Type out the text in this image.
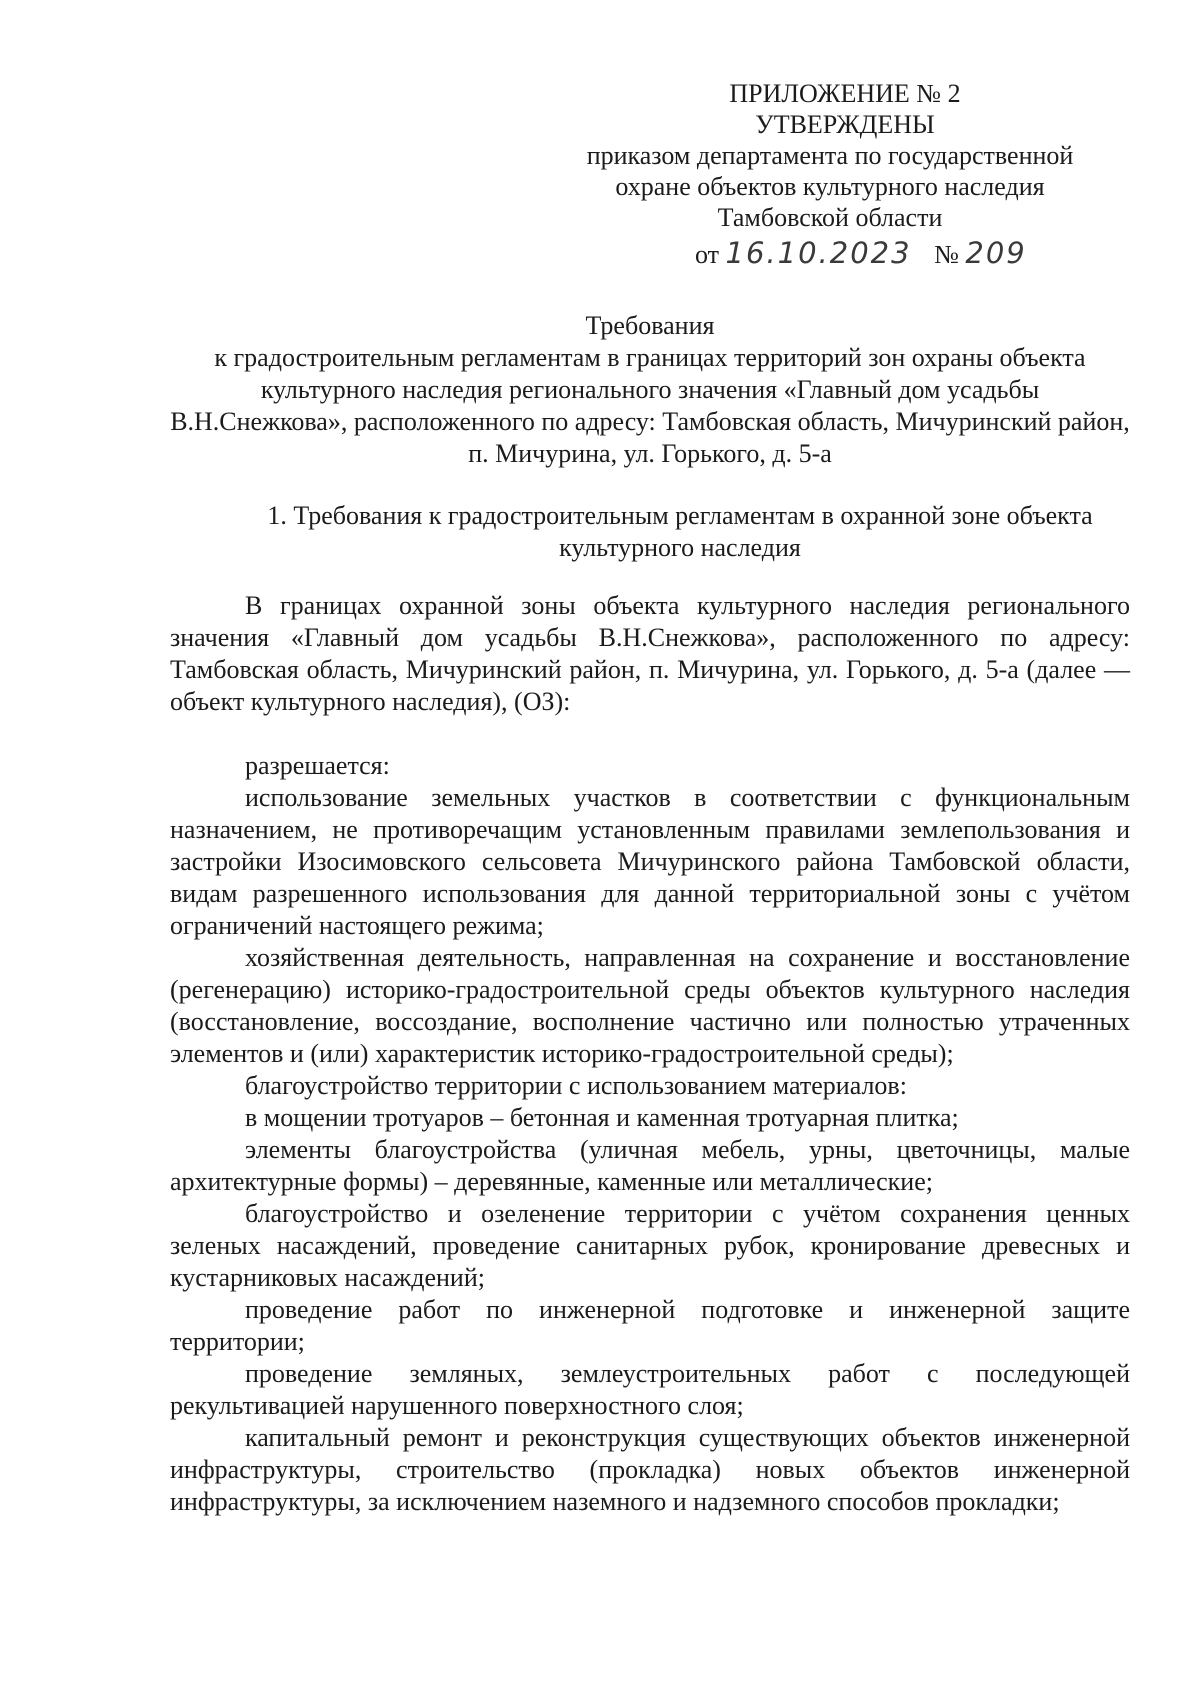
ПРИЛОЖЕНИЕ № 2
УТВЕРЖДЕНЫ
приказом департамента по государственной
охране объектов культурного наследия
Тамбовской области
от 16.10.2023 № 209
Требования
к градостроительным регламентам в границах территорий зон охраны объекта культурного наследия регионального значения «Главный дом усадьбы В.Н.Снежкова», расположенного по адресу: Тамбовская область, Мичуринский район, п. Мичурина, ул. Горького, д. 5-а
1. Требования к градостроительным регламентам в охранной зоне объекта культурного наследия

В границах охранной зоны объекта культурного наследия регионального значения «Главный дом усадьбы В.Н.Снежкова», расположенного по адресу: Тамбовская область, Мичуринский район, п. Мичурина, ул. Горького, д. 5-а (далее — объект культурного наследия), (ОЗ):

разрешается:

использование земельных участков в соответствии с функциональным назначением, не противоречащим установленным правилами землепользования и застройки Изосимовского сельсовета Мичуринского района Тамбовской области, видам разрешенного использования для данной территориальной зоны с учётом ограничений настоящего режима;

хозяйственная деятельность, направленная на сохранение и восстановление (регенерацию) историко-градостроительной среды объектов культурного наследия (восстановление, воссоздание, восполнение частично или полностью утраченных элементов и (или) характеристик историко-градостроительной среды);

благоустройство территории с использованием материалов:

в мощении тротуаров – бетонная и каменная тротуарная плитка;

элементы благоустройства (уличная мебель, урны, цветочницы, малые архитектурные формы) – деревянные, каменные или металлические;

благоустройство и озеленение территории с учётом сохранения ценных зеленых насаждений, проведение санитарных рубок, кронирование древесных и кустарниковых насаждений;

проведение работ по инженерной подготовке и инженерной защите территории;

проведение земляных, землеустроительных работ с последующей рекультивацией нарушенного поверхностного слоя;

капитальный ремонт и реконструкция существующих объектов инженерной инфраструктуры, строительство (прокладка) новых объектов инженерной инфраструктуры, за исключением наземного и надземного способов прокладки;
